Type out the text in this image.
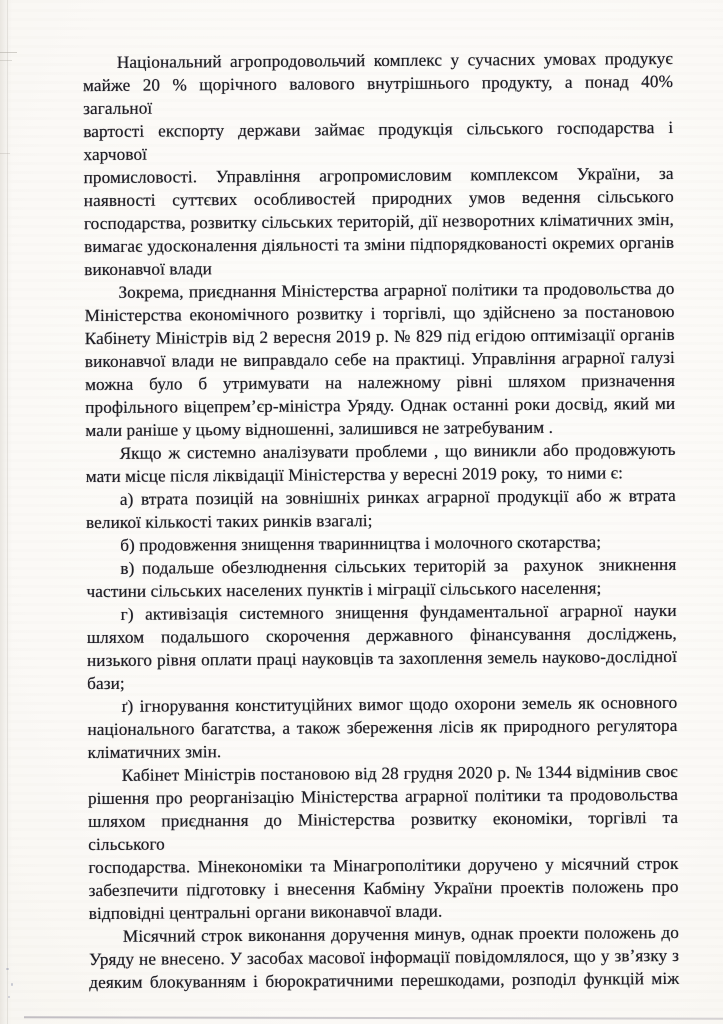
Національний агропродовольчий комплекс у сучасних умовах продукує
майже 20 % щорічного валового внутрішнього продукту, а понад 40% загальної
вартості експорту держави займає продукція сільського господарства і харчової
промисловості. Управління агропромисловим комплексом України, за
наявності суттєвих особливостей природних умов ведення сільського
господарства, розвитку сільських територій, дії незворотних кліматичних змін,
вимагає удосконалення діяльності та зміни підпорядкованості окремих органів
виконавчої влади
Зокрема, приєднання Міністерства аграрної політики та продовольства до
Міністерства економічного розвитку і торгівлі, що здійснено за постановою
Кабінету Міністрів від 2 вересня 2019 р. № 829 під егідою оптимізації органів
виконавчої влади не виправдало себе на практиці. Управління аграрної галузі
можна було б утримувати на належному рівні шляхом призначення
профільного віцепрем’єр-міністра Уряду. Однак останні роки досвід, який ми
мали раніше у цьому відношенні, залишився не затребуваним .
Якщо ж системно аналізувати проблеми , що виникли або продовжують
мати місце після ліквідації Міністерства у вересні 2019 року,  то ними є:
а) втрата позицій на зовнішніх ринках аграрної продукції або ж втрата
великої кількості таких ринків взагалі;
б) продовження знищення тваринництва і молочного скотарства;
в) подальше обезлюднення сільських територій за  рахунок  зникнення
частини сільських населених пунктів і міграції сільського населення;
г) активізація системного знищення фундаментальної аграрної науки
шляхом подальшого скорочення державного фінансування досліджень,
низького рівня оплати праці науковців та захоплення земель науково-дослідної
бази;
ґ) ігнорування конституційних вимог щодо охорони земель як основного
національного багатства, а також збереження лісів як природного регулятора
кліматичних змін.
Кабінет Міністрів постановою від 28 грудня 2020 р. № 1344 відмінив своє
рішення про реорганізацію Міністерства аграрної політики та продовольства
шляхом приєднання до Міністерства розвитку економіки, торгівлі та сільського
господарства. Мінекономіки та Мінагрополітики доручено у місячний строк
забезпечити підготовку і внесення Кабміну України проектів положень про
відповідні центральні органи виконавчої влади.
Місячний строк виконання доручення минув, однак проекти положень до
Уряду не внесено. У засобах масової інформації повідомлялося, що у зв’язку з
деяким блокуванням і бюрократичними перешкодами, розподіл функцій між
